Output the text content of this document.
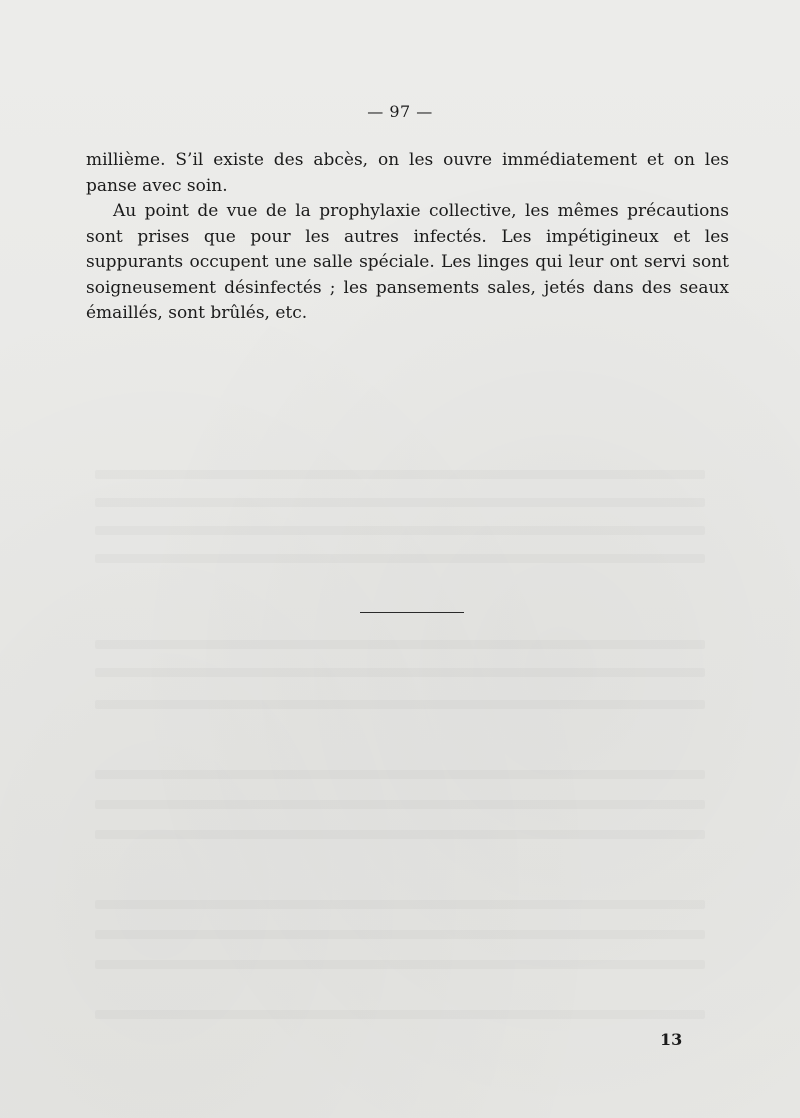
— 97 —

millième. S’il existe des abcès, on les ouvre immédiatement et on les panse avec soin.

Au point de vue de la prophylaxie collective, les mêmes précautions sont prises que pour les autres infectés. Les impétigineux et les suppurants occupent une salle spéciale. Les linges qui leur ont servi sont soigneusement désinfectés ; les pansements sales, jetés dans des seaux émaillés, sont brûlés, etc.

13
